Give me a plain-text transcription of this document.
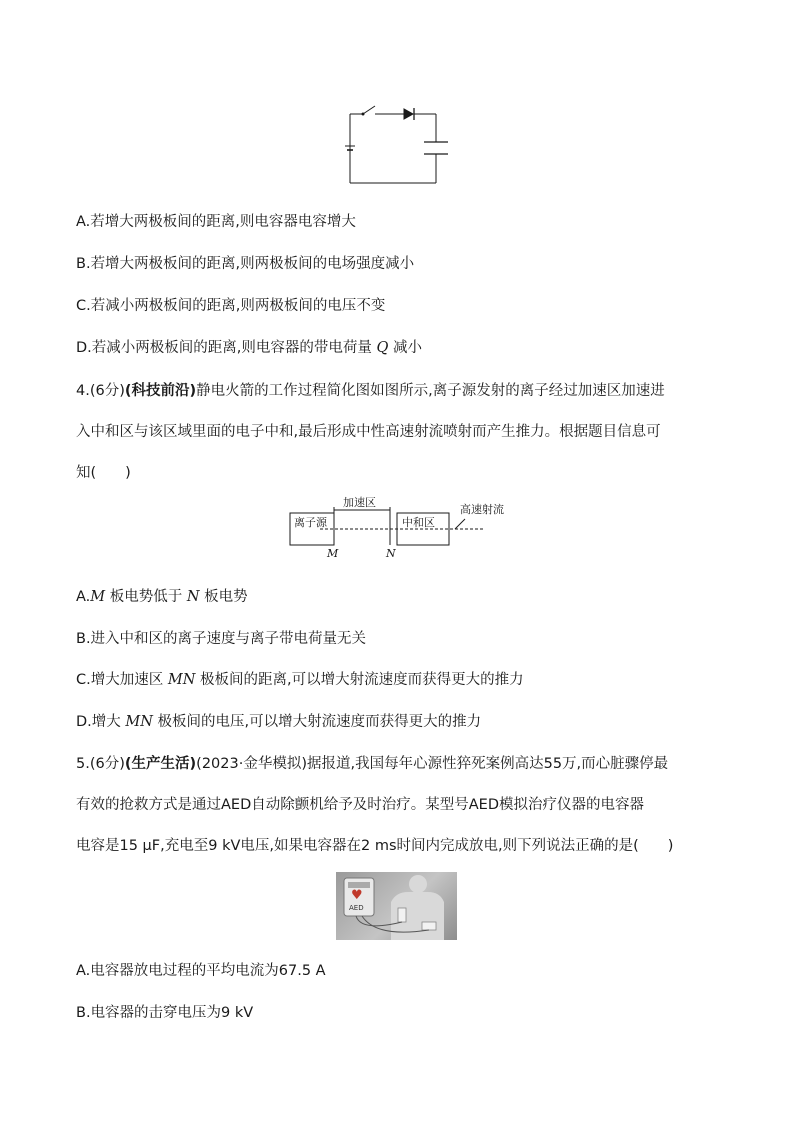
A.若增大两极板间的距离,则电容器电容增大
B.若增大两极板间的距离,则两极板间的电场强度减小
C.若减小两极板间的距离,则两极板间的电压不变
D.若减小两极板间的距离,则电容器的带电荷量 Q 减小
4.(6分)(科技前沿)静电火箭的工作过程简化图如图所示,离子源发射的离子经过加速区加速进
入中和区与该区域里面的电子中和,最后形成中性高速射流喷射而产生推力。根据题目信息可
知(　　)
离子源
加速区
中和区
高速射流
M	N
A.M 板电势低于 N 板电势
B.进入中和区的离子速度与离子带电荷量无关
C.增大加速区 MN 极板间的距离,可以增大射流速度而获得更大的推力
D.增大 MN 极板间的电压,可以增大射流速度而获得更大的推力
5.(6分)(生产生活)(2023·金华模拟)据报道,我国每年心源性猝死案例高达55万,而心脏骤停最
有效的抢救方式是通过AED自动除颤机给予及时治疗。某型号AED模拟治疗仪器的电容器
电容是15 μF,充电至9 kV电压,如果电容器在2 ms时间内完成放电,则下列说法正确的是(　　)
♥
AED
A.电容器放电过程的平均电流为67.5 A
B.电容器的击穿电压为9 kV
